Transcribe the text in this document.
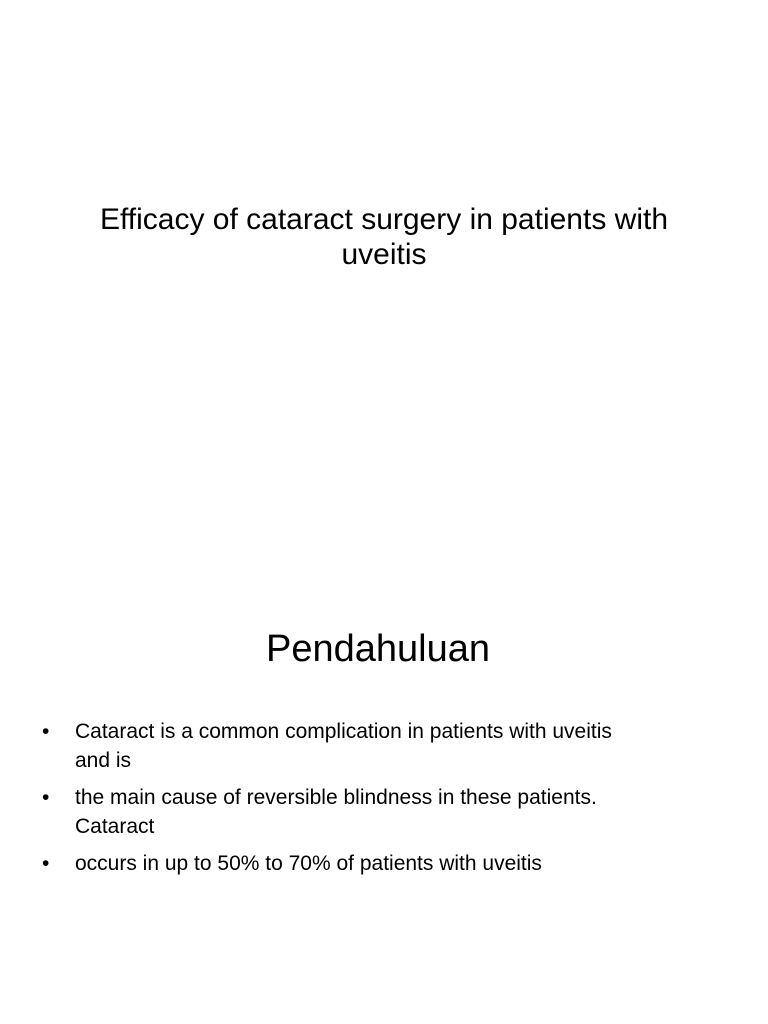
Efficacy of cataract surgery in patients with
uveitis
Pendahuluan
• Cataract is a common complication in patients with uveitis
and is
• the main cause of reversible blindness in these patients.
Cataract
• occurs in up to 50% to 70% of patients with uveitis
